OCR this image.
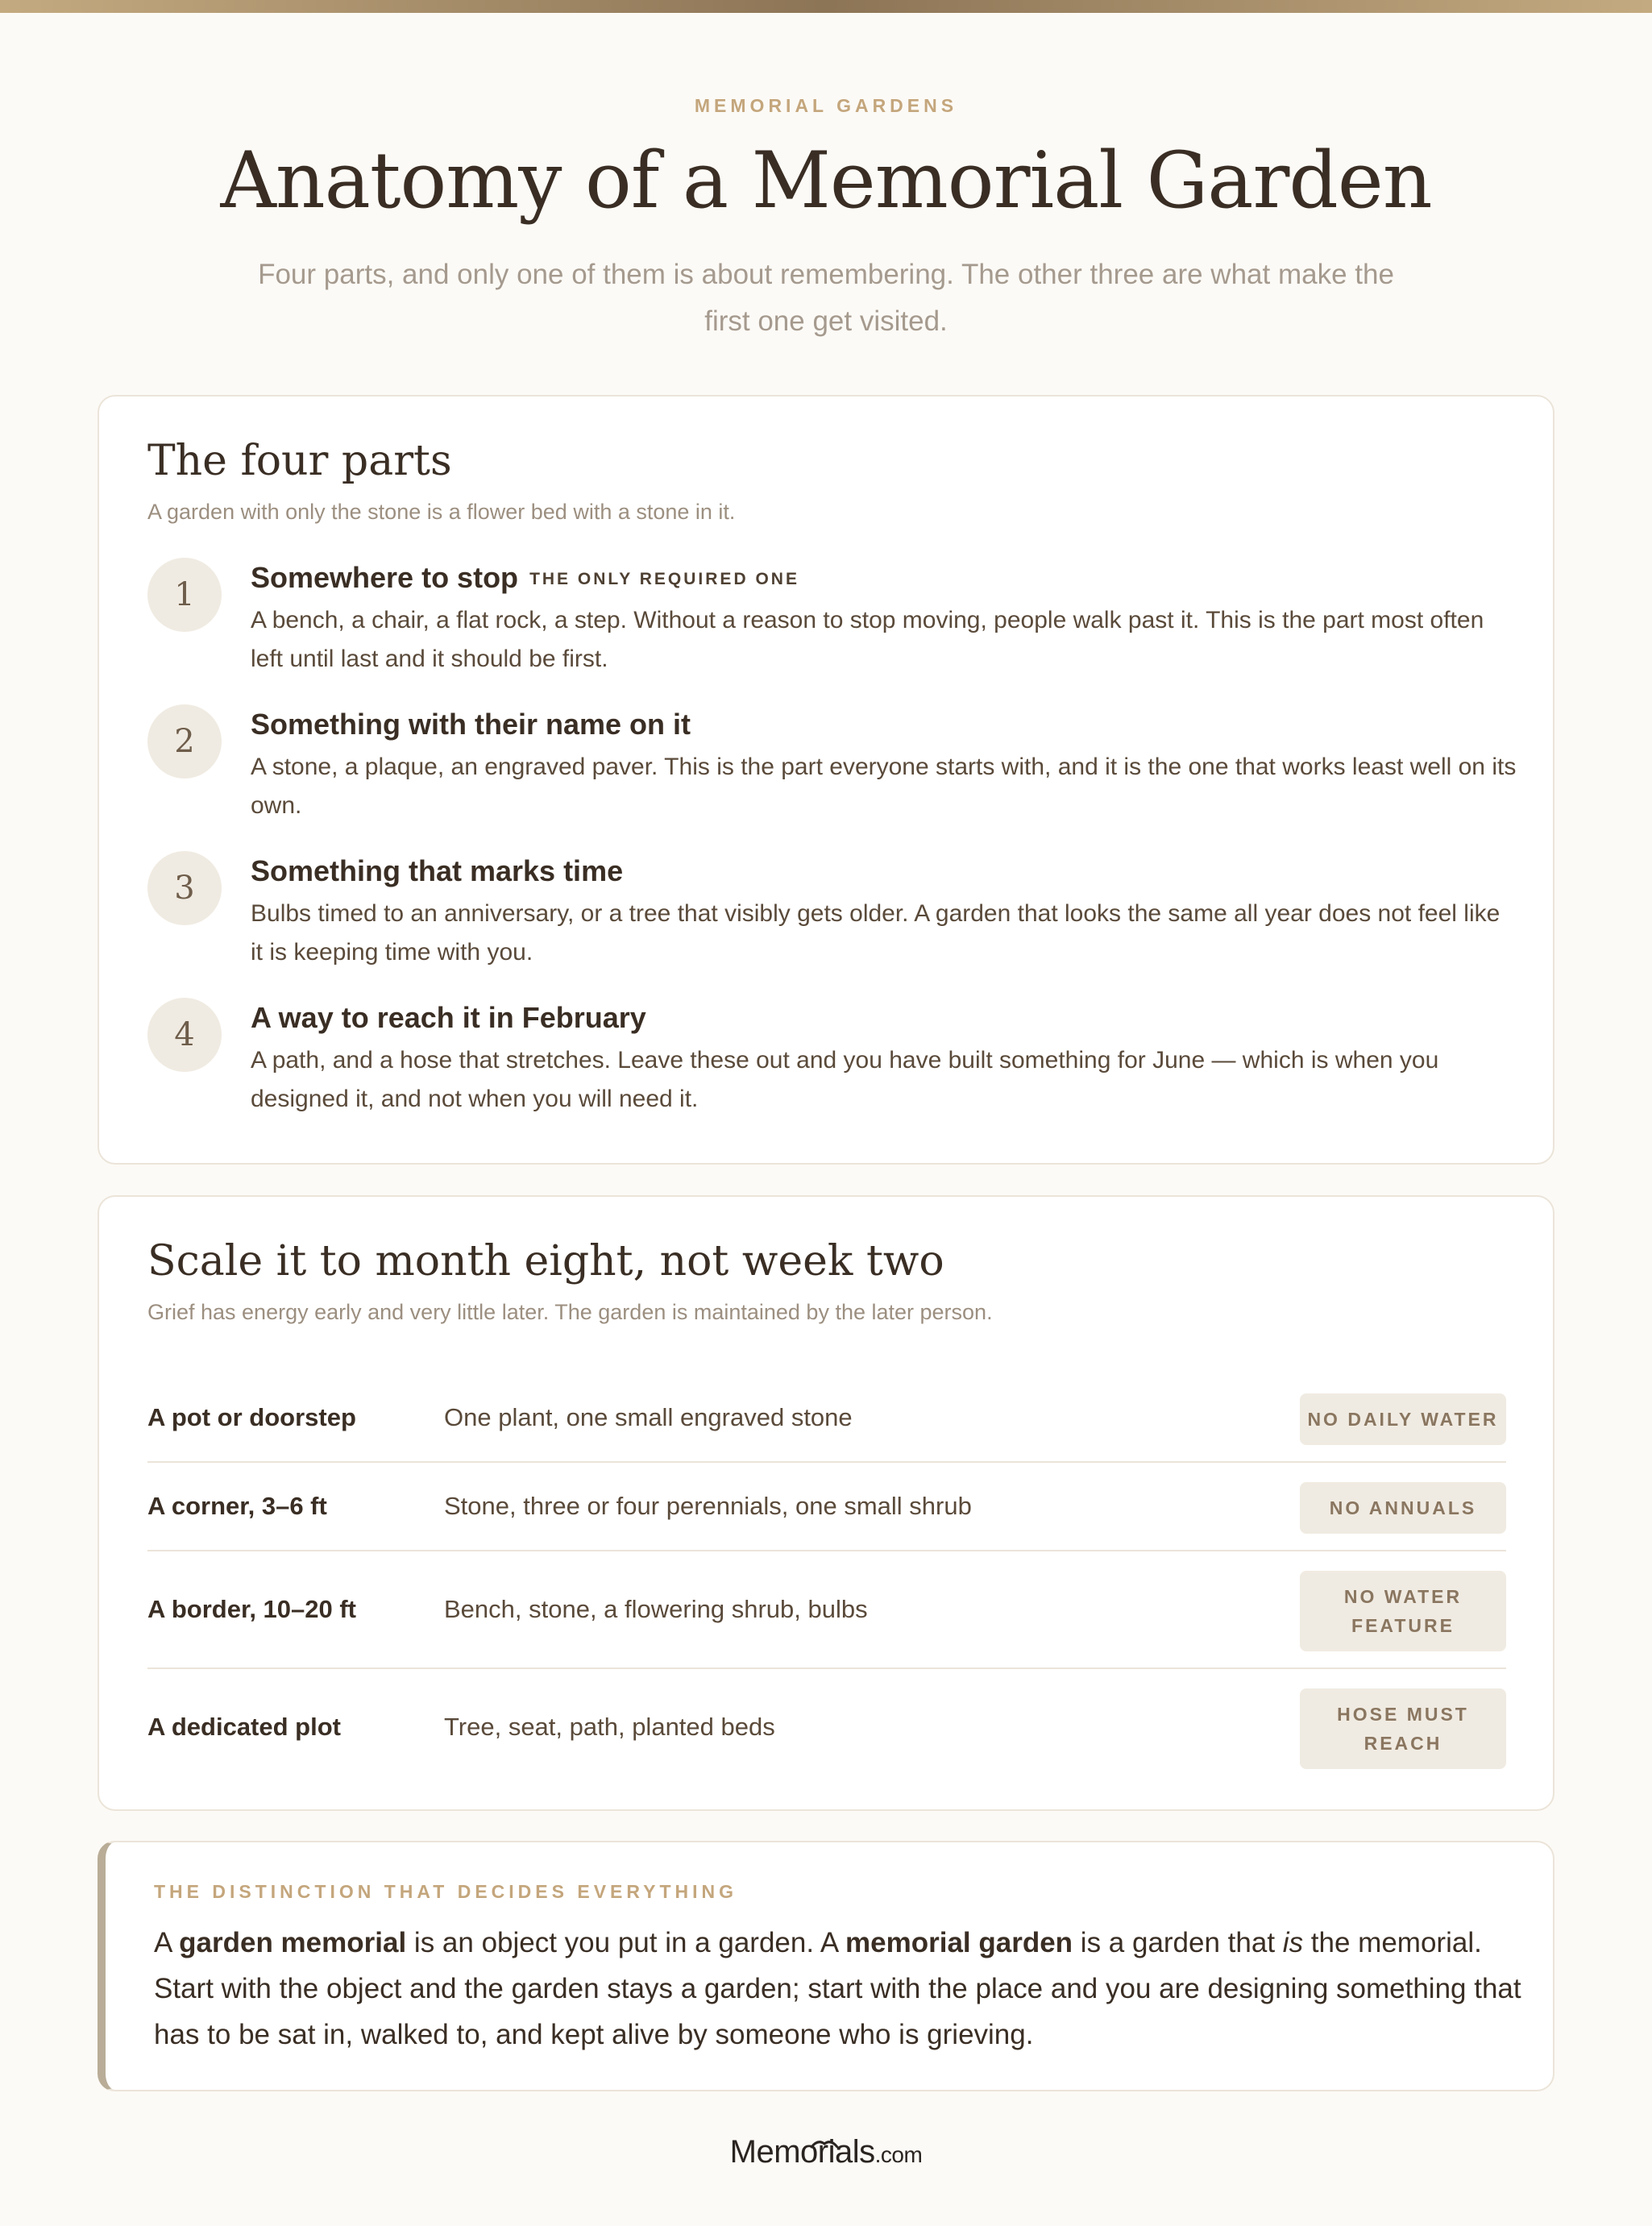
MEMORIAL GARDENS
Anatomy of a Memorial Garden

Four parts, and only one of them is about remembering. The other three are what make the first one get visited.

The four parts

A garden with only the stone is a flower bed with a stone in it.

1	Somewhere to stop THE ONLY REQUIRED ONE

A bench, a chair, a flat rock, a step. Without a reason to stop moving, people walk past it. This is the part most often left until last and it should be first.

2	Something with their name on it

A stone, a plaque, an engraved paver. This is the part everyone starts with, and it is the one that works least well on its own.

3	Something that marks time

Bulbs timed to an anniversary, or a tree that visibly gets older. A garden that looks the same all year does not feel like it is keeping time with you.

4	A way to reach it in February

A path, and a hose that stretches. Leave these out and you have built something for June — which is when you designed it, and not when you will need it.

Scale it to month eight, not week two

Grief has energy early and very little later. The garden is maintained by the later person.

A pot or doorstep	One plant, one small engraved stone	NO DAILY WATER
A corner, 3–6 ft	Stone, three or four perennials, one small shrub	NO ANNUALS
A border, 10–20 ft	Bench, stone, a flowering shrub, bulbs	NO WATER FEATURE
A dedicated plot	Tree, seat, path, planted beds	HOSE MUST REACH
THE DISTINCTION THAT DECIDES EVERYTHING

A garden memorial is an object you put in a garden. A memorial garden is a garden that is the memorial. Start with the object and the garden stays a garden; start with the place and you are designing something that has to be sat in, walked to, and kept alive by someone who is grieving.

Memorials.com
